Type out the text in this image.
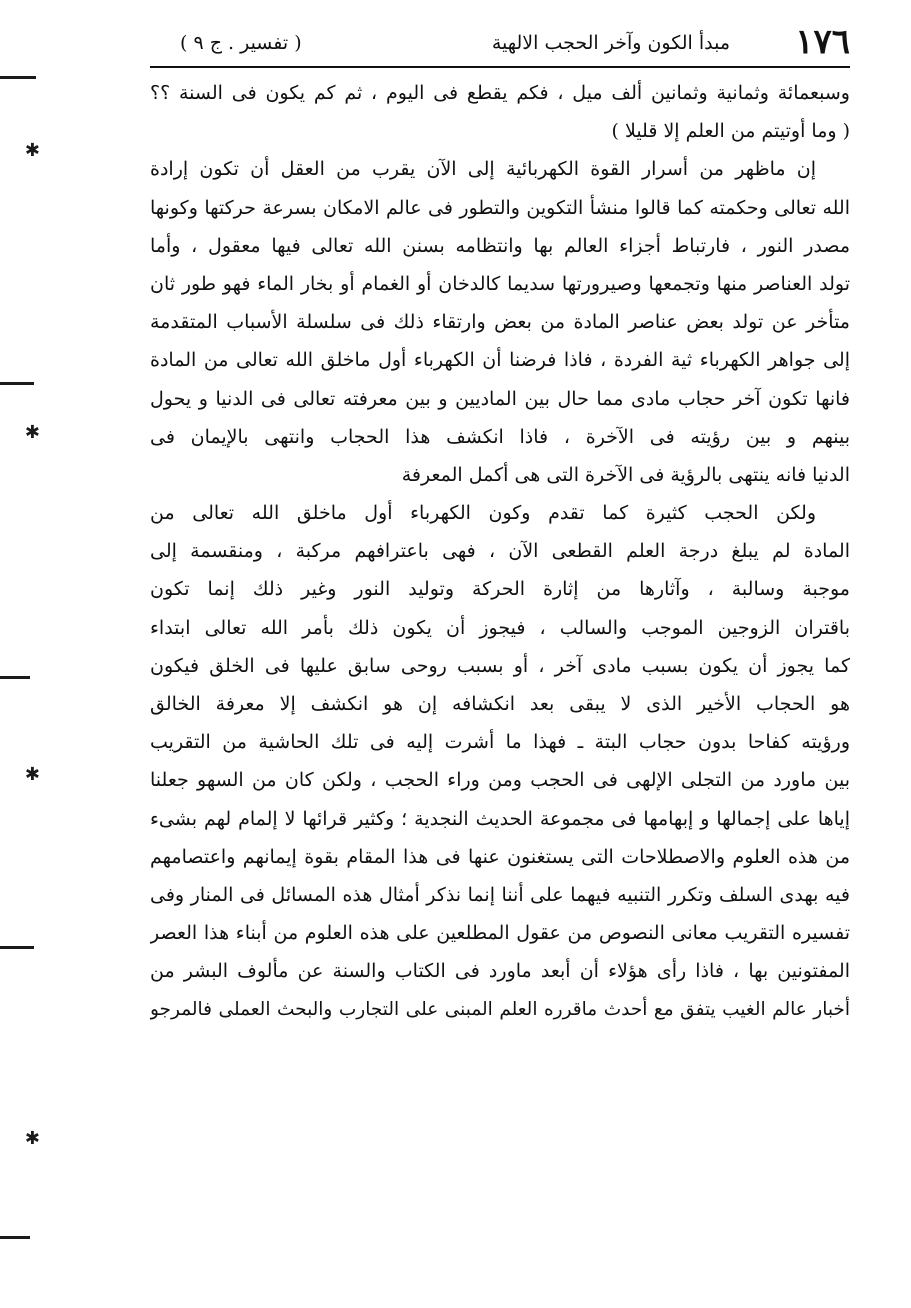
✱
✱
✱
✱
١٧٦
مبدأ الكون وآخر الحجب الالهية
( تفسير . ج ٩ )
وسبعمائة وثمانية وثمانين ألف ميل ، فكم يقطع فى اليوم ، ثم كم يكون فى السنة ؟؟
( وما أوتيتم من العلم إلا قليلا )
إن ماظهر من أسرار القوة الكهربائية إلى الآن يقرب من العقل أن تكون إرادة
الله تعالى وحكمته كما قالوا منشأ التكوين والتطور فى عالم الامكان بسرعة حركتها وكونها
مصدر النور ، فارتباط أجزاء العالم بها وانتظامه بسنن الله تعالى فيها معقول ، وأما
تولد العناصر منها وتجمعها وصيرورتها سديما كالدخان أو الغمام أو بخار الماء فهو طور ثان
متأخر عن تولد بعض عناصر المادة من بعض وارتقاء ذلك فى سلسلة الأسباب المتقدمة
إلى جواهر الكهرباء ثية الفردة ، فاذا فرضنا أن الكهرباء أول ماخلق الله تعالى من المادة
فانها تكون آخر حجاب مادى مما حال بين الماديين و بين معرفته تعالى فى الدنيا و يحول
بينهم و بين رؤيته فى الآخرة ، فاذا انكشف هذا الحجاب وانتهى بالإيمان فى
الدنيا فانه ينتهى بالرؤية فى الآخرة التى هى أكمل المعرفة
ولكن الحجب كثيرة كما تقدم وكون الكهرباء أول ماخلق الله تعالى من
المادة لم يبلغ درجة العلم القطعى الآن ، فهى باعترافهم مركبة ، ومنقسمة إلى
موجبة وسالبة ، وآثارها من إثارة الحركة وتوليد النور وغير ذلك إنما تكون
باقتران الزوجين الموجب والسالب ، فيجوز أن يكون ذلك بأمر الله تعالى ابتداء
كما يجوز أن يكون بسبب مادى آخر ، أو بسبب روحى سابق عليها فى الخلق فيكون
هو الحجاب الأخير الذى لا يبقى بعد انكشافه إن هو انكشف إلا معرفة الخالق
ورؤيته كفاحا بدون حجاب البتة ـ فهذا ما أشرت إليه فى تلك الحاشية من التقريب
بين ماورد من التجلى الإلهى فى الحجب ومن وراء الحجب ، ولكن كان من السهو جعلنا
إياها على إجمالها و إبهامها فى مجموعة الحديث النجدية ؛ وكثير قرائها لا إلمام لهم بشىء
من هذه العلوم والاصطلاحات التى يستغنون عنها فى هذا المقام بقوة إيمانهم واعتصامهم
فيه بهدى السلف وتكرر التنبيه فيهما على أننا إنما نذكر أمثال هذه المسائل فى المنار وفى
تفسيره التقريب معانى النصوص من عقول المطلعين على هذه العلوم من أبناء هذا العصر
المفتونين بها ، فاذا رأى هؤلاء أن أبعد ماورد فى الكتاب والسنة عن مألوف البشر من
أخبار عالم الغيب يتفق مع أحدث ماقرره العلم المبنى على التجارب والبحث العملى فالمرجو
